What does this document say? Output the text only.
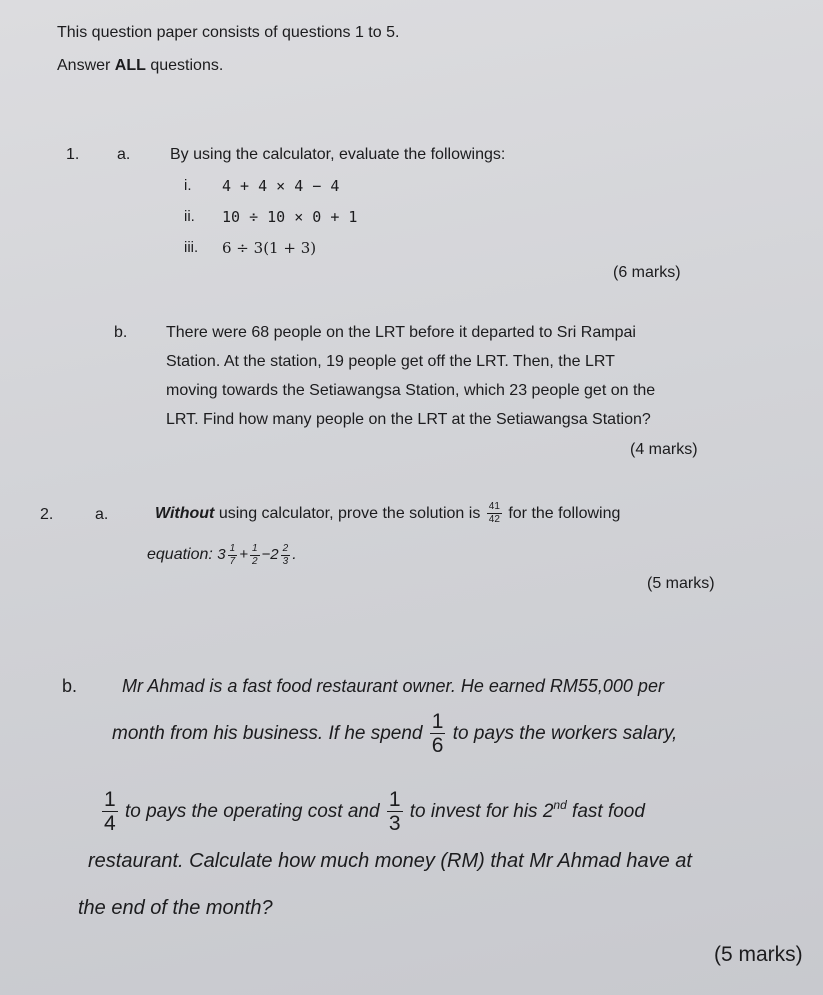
This question paper consists of questions 1 to 5.
Answer ALL questions.
1. a. By using the calculator, evaluate the followings:
i. 4 + 4 × 4 − 4
ii. 10 ÷ 10 × 0 + 1
iii. 6 ÷ 3(1 + 3)
(6 marks)
b. There were 68 people on the LRT before it departed to Sri Rampai
Station. At the station, 19 people get off the LRT. Then, the LRT
moving towards the Setiawangsa Station, which 23 people get on the
LRT. Find how many people on the LRT at the Setiawangsa Station?
(4 marks)
2.	a.	Without using calculator, prove the solution is $\frac{41}{42}$ for the following
equation: $3 \frac{1}{7} + \frac{1}{2} -2 \frac{2}{3}$ .
(5 marks)
b. Mr Ahmad is a fast food restaurant owner. He earned RM55,000 per
month from his business. If he spend $\frac{1}{6}$ to pays the workers salary,
$\frac{1}{4}$ to pays the operating cost and $\frac{1}{3}$ to invest for his 2nd fast food
restaurant. Calculate how much money (RM) that Mr Ahmad have at
the end of the month?
(5 marks)
